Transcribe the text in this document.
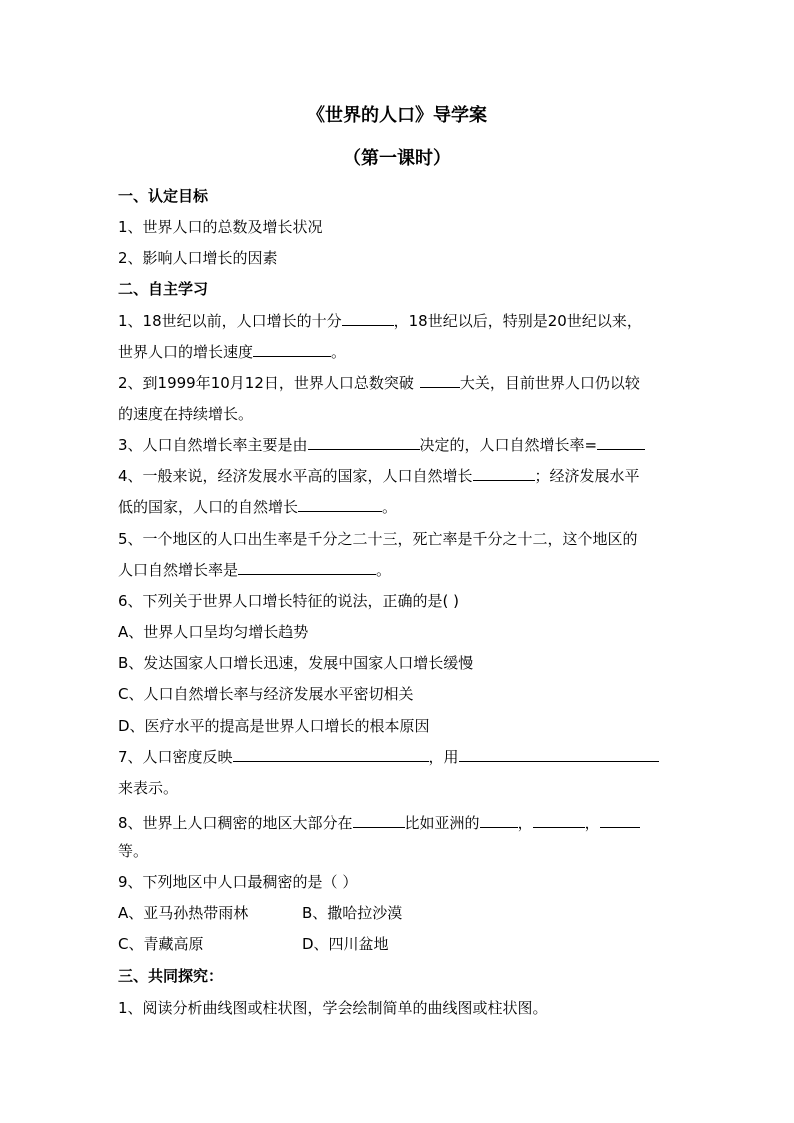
《世界的人口》导学案
（第一课时）
一、认定目标
1、世界人口的总数及增长状况
2、影响人口增长的因素
二、自主学习
1、18世纪以前，人口增长的十分	，18世纪以后，特别是20世纪以来，
世界人口的增长速度	。
2、到1999年10月12日，世界人口总数突破	大关，目前世界人口仍以较
的速度在持续增长。
3、人口自然增长率主要是由	决定的，人口自然增长率=
4、一般来说，经济发展水平高的国家，人口自然增长	；经济发展水平
低的国家，人口的自然增长	。
5、一个地区的人口出生率是千分之二十三，死亡率是千分之十二，这个地区的
人口自然增长率是	。
6、下列关于世界人口增长特征的说法，正确的是( )
A、世界人口呈均匀增长趋势
B、发达国家人口增长迅速，发展中国家人口增长缓慢
C、人口自然增长率与经济发展水平密切相关
D、医疗水平的提高是世界人口增长的根本原因
7、人口密度反映	，用
来表示。
8、世界上人口稠密的地区大部分在	比如亚洲的	，	，
等。
9、下列地区中人口最稠密的是（ ）
A、亚马孙热带雨林	B、撒哈拉沙漠
C、青藏高原	D、四川盆地
三、共同探究：
1、阅读分析曲线图或柱状图，学会绘制简单的曲线图或柱状图。
